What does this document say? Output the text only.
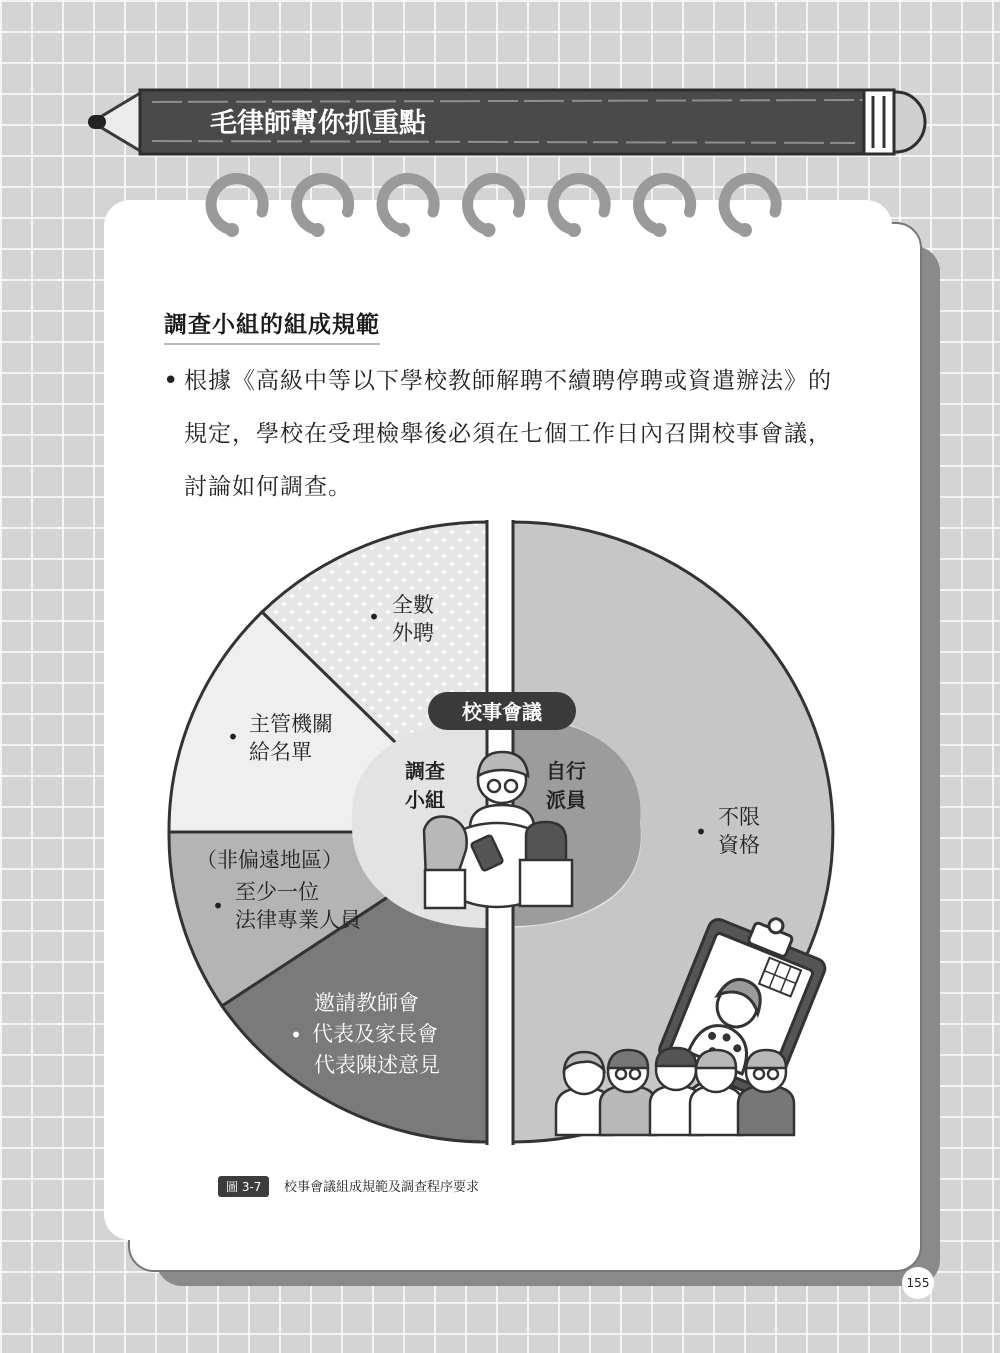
毛律師幫你抓重點
調查小組的組成規範
• 根據《高級中等以下學校教師解聘不續聘停聘或資遣辦法》的規定，學校在受理檢舉後必須在七個工作日內召開校事會議，討論如何調查。

校事會議
調查
小組
自行
派員
• 全數
外聘
•
主管機關
給名單
（非偏遠地區）
•
至少一位
法律專業人員
邀請教師會
• 代表及家長會
代表陳述意見
•
不限
資格
圖 3-7	校事會議組成規範及調查程序要求
155
